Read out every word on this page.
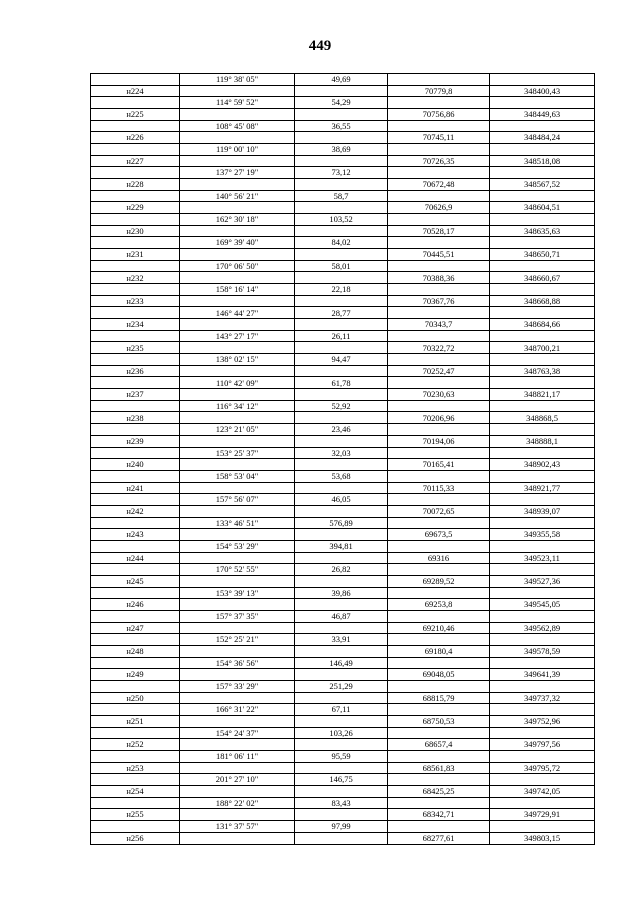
449
	119° 38' 05"	49,69		
н224			70779,8	348400,43
	114° 59' 52"	54,29		
н225			70756,86	348449,63
	108° 45' 08"	36,55		
н226			70745,11	348484,24
	119° 00' 10"	38,69		
н227			70726,35	348518,08
	137° 27' 19"	73,12		
н228			70672,48	348567,52
	140° 56' 21"	58,7		
н229			70626,9	348604,51
	162° 30' 18"	103,52		
н230			70528,17	348635,63
	169° 39' 40"	84,02		
н231			70445,51	348650,71
	170° 06' 50"	58,01		
н232			70388,36	348660,67
	158° 16' 14"	22,18		
н233			70367,76	348668,88
	146° 44' 27"	28,77		
н234			70343,7	348684,66
	143° 27' 17"	26,11		
н235			70322,72	348700,21
	138° 02' 15"	94,47		
н236			70252,47	348763,38
	110° 42' 09"	61,78		
н237			70230,63	348821,17
	116° 34' 12"	52,92		
н238			70206,96	348868,5
	123° 21' 05"	23,46		
н239			70194,06	348888,1
	153° 25' 37"	32,03		
н240			70165,41	348902,43
	158° 53' 04"	53,68		
н241			70115,33	348921,77
	157° 56' 07"	46,05		
н242			70072,65	348939,07
	133° 46' 51"	576,89		
н243			69673,5	349355,58
	154° 53' 29"	394,81		
н244			69316	349523,11
	170° 52' 55"	26,82		
н245			69289,52	349527,36
	153° 39' 13"	39,86		
н246			69253,8	349545,05
	157° 37' 35"	46,87		
н247			69210,46	349562,89
	152° 25' 21"	33,91		
н248			69180,4	349578,59
	154° 36' 56"	146,49		
н249			69048,05	349641,39
	157° 33' 29"	251,29		
н250			68815,79	349737,32
	166° 31' 22"	67,11		
н251			68750,53	349752,96
	154° 24' 37"	103,26		
н252			68657,4	349797,56
	181° 06' 11"	95,59		
н253			68561,83	349795,72
	201° 27' 10"	146,75		
н254			68425,25	349742,05
	188° 22' 02"	83,43		
н255			68342,71	349729,91
	131° 37' 57"	97,99		
н256			68277,61	349803,15
